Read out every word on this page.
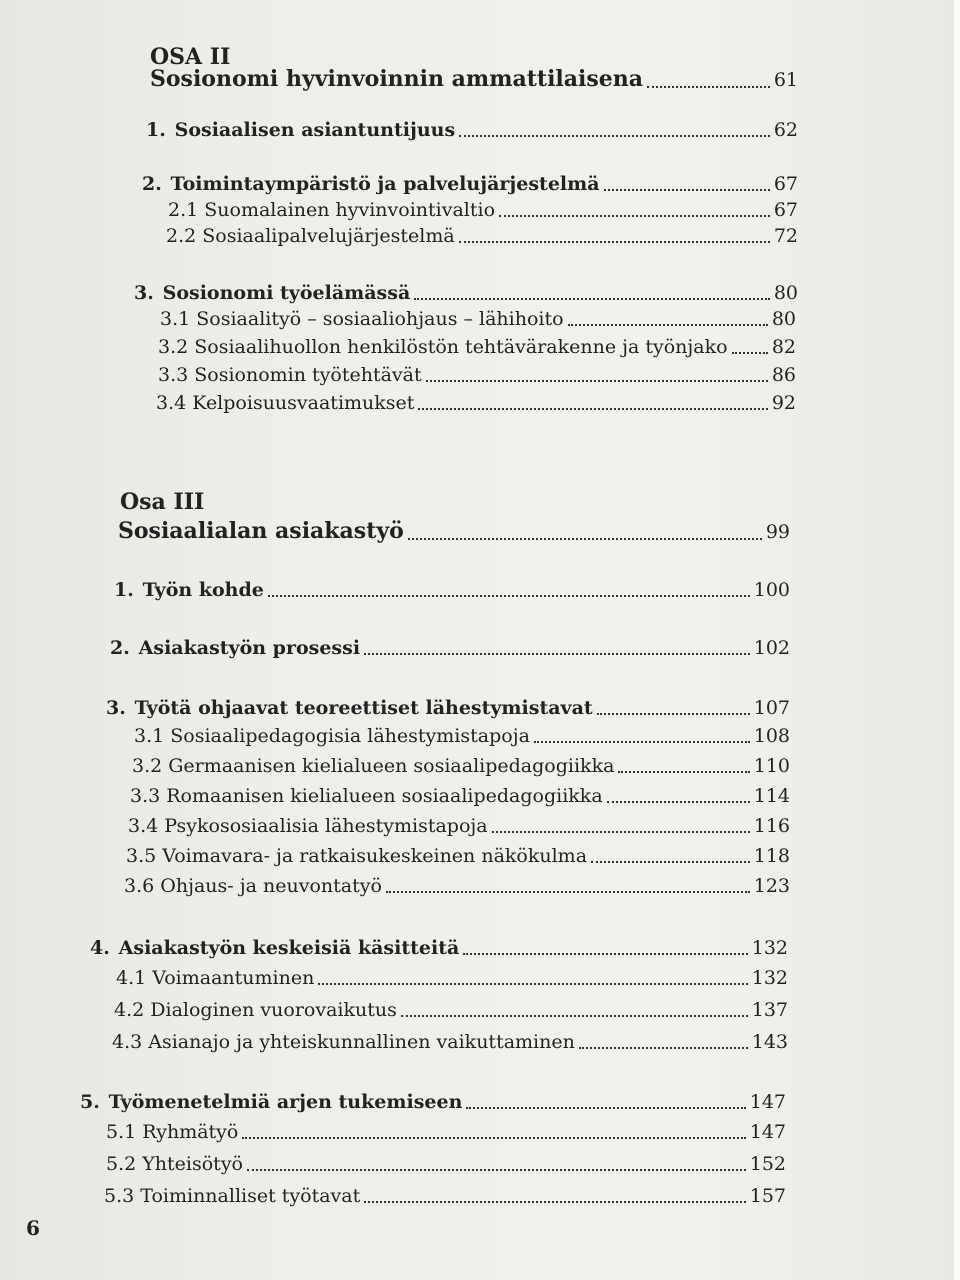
OSA II
Sosionomi hyvinvoinnin ammattilaisena	61
1. Sosiaalisen asiantuntijuus	62
2. Toimintaympäristö ja palvelujärjestelmä	67
2.1 Suomalainen hyvinvointivaltio	67
2.2 Sosiaalipalvelujärjestelmä	72
3. Sosionomi työelämässä	80
3.1 Sosiaalityö – sosiaaliohjaus – lähihoito	80
3.2 Sosiaalihuollon henkilöstön tehtävärakenne ja työnjako 82
3.3 Sosionomin työtehtävät	86
3.4 Kelpoisuusvaatimukset	92
Osa III
Sosiaalialan asiakastyö	99
1. Työn kohde	100
2. Asiakastyön prosessi	102
3. Työtä ohjaavat teoreettiset lähestymistavat	107
3.1 Sosiaalipedagogisia lähestymistapoja	108
3.2 Germaanisen kielialueen sosiaalipedagogiikka	110
3.3 Romaanisen kielialueen sosiaalipedagogiikka	114
3.4 Psykososiaalisia lähestymistapoja	116
3.5 Voimavara- ja ratkaisukeskeinen näkökulma	118
3.6 Ohjaus- ja neuvontatyö	123
4. Asiakastyön keskeisiä käsitteitä	132
4.1 Voimaantuminen	132
4.2 Dialoginen vuorovaikutus	137
4.3 Asianajo ja yhteiskunnallinen vaikuttaminen	143
5. Työmenetelmiä arjen tukemiseen	147
5.1 Ryhmätyö	147
5.2 Yhteisötyö	152
5.3 Toiminnalliset työtavat	157
6
